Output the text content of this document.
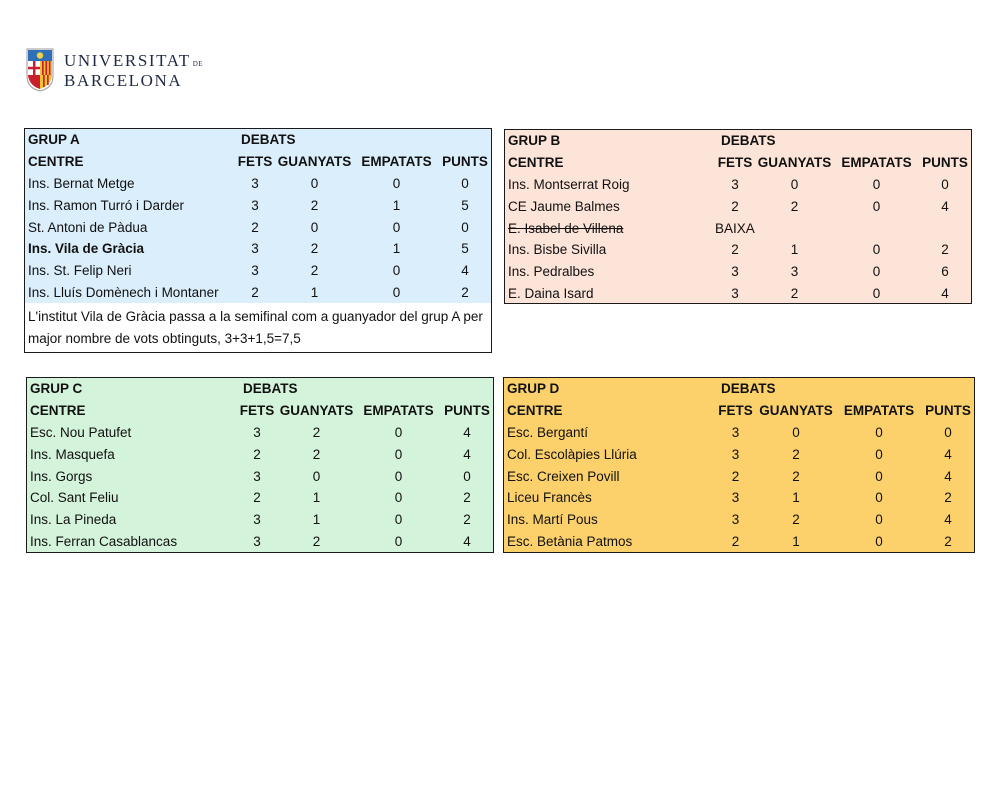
UNIVERSITAT DE
BARCELONA
GRUP A	DEBATS			
CENTRE	FETS	GUANYATS	EMPATATS	PUNTS
Ins. Bernat Metge	3	0	0	0
Ins. Ramon Turró i Darder	3	2	1	5
St. Antoni de Pàdua	2	0	0	0
Ins. Vila de Gràcia	3	2	1	5
Ins. St. Felip Neri	3	2	0	4
Ins. Lluís Domènech i Montaner	2	1	0	2
L'institut Vila de Gràcia passa a la semifinal com a guanyador del grup A per major nombre de vots obtinguts, 3+3+1,5=7,5
GRUP B	DEBATS			
CENTRE	FETS	GUANYATS	EMPATATS	PUNTS
Ins. Montserrat Roig	3	0	0	0
CE Jaume Balmes	2	2	0	4
E. Isabel de Villena	BAIXA			
Ins. Bisbe Sivilla	2	1	0	2
Ins. Pedralbes	3	3	0	6
E. Daina Isard	3	2	0	4
GRUP C	DEBATS			
CENTRE	FETS	GUANYATS	EMPATATS	PUNTS
Esc. Nou Patufet	3	2	0	4
Ins. Masquefa	2	2	0	4
Ins. Gorgs	3	0	0	0
Col. Sant Feliu	2	1	0	2
Ins. La Pineda	3	1	0	2
Ins. Ferran Casablancas	3	2	0	4
GRUP D	DEBATS			
CENTRE	FETS	GUANYATS	EMPATATS	PUNTS
Esc. Bergantí	3	0	0	0
Col. Escolàpies Llúria	3	2	0	4
Esc. Creixen Povill	2	2	0	4
Liceu Francès	3	1	0	2
Ins. Martí Pous	3	2	0	4
Esc. Betània Patmos	2	1	0	2
